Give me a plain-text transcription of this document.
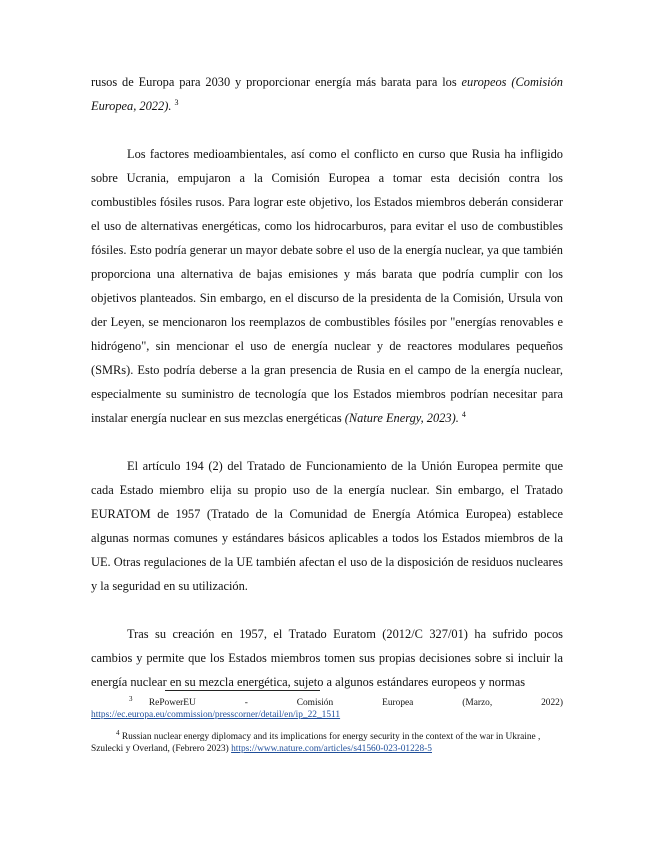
rusos de Europa para 2030 y proporcionar energía más barata para los europeos (Comisión Europea, 2022). $^3$

Los factores medioambientales, así como el conflicto en curso que Rusia ha infligido sobre Ucrania, empujaron a la Comisión Europea a tomar esta decisión contra los combustibles fósiles rusos. Para lograr este objetivo, los Estados miembros deberán considerar el uso de alternativas energéticas, como los hidrocarburos, para evitar el uso de combustibles fósiles. Esto podría generar un mayor debate sobre el uso de la energía nuclear, ya que también proporciona una alternativa de bajas emisiones y más barata que podría cumplir con los objetivos planteados. Sin embargo, en el discurso de la presidenta de la Comisión, Ursula von der Leyen, se mencionaron los reemplazos de combustibles fósiles por "energías renovables e hidrógeno", sin mencionar el uso de energía nuclear y de reactores modulares pequeños (SMRs). Esto podría deberse a la gran presencia de Rusia en el campo de la energía nuclear, especialmente su suministro de tecnología que los Estados miembros podrían necesitar para instalar energía nuclear en sus mezclas energéticas (Nature Energy, 2023). $^4$

El artículo 194 (2) del Tratado de Funcionamiento de la Unión Europea permite que cada Estado miembro elija su propio uso de la energía nuclear. Sin embargo, el Tratado EURATOM de 1957 (Tratado de la Comunidad de Energía Atómica Europea) establece algunas normas comunes y estándares básicos aplicables a todos los Estados miembros de la UE. Otras regulaciones de la UE también afectan el uso de la disposición de residuos nucleares y la seguridad en su utilización.

Tras su creación en 1957, el Tratado Euratom (2012/C 327/01) ha sufrido pocos cambios y permite que los Estados miembros tomen sus propias decisiones sobre si incluir la energía nuclear en su mezcla energética, sujeto a algunos estándares europeos y normas

$^3$ RePowerEU	-	Comisión	Europea	(Marzo,	2022)
https://ec.europa.eu/commission/presscorner/detail/en/ip_22_1511
$^4$ Russian nuclear energy diplomacy and its implications for energy security in the context of the war in Ukraine , Szulecki y Overland, (Febrero 2023) https://www.nature.com/articles/s41560-023-01228-5
